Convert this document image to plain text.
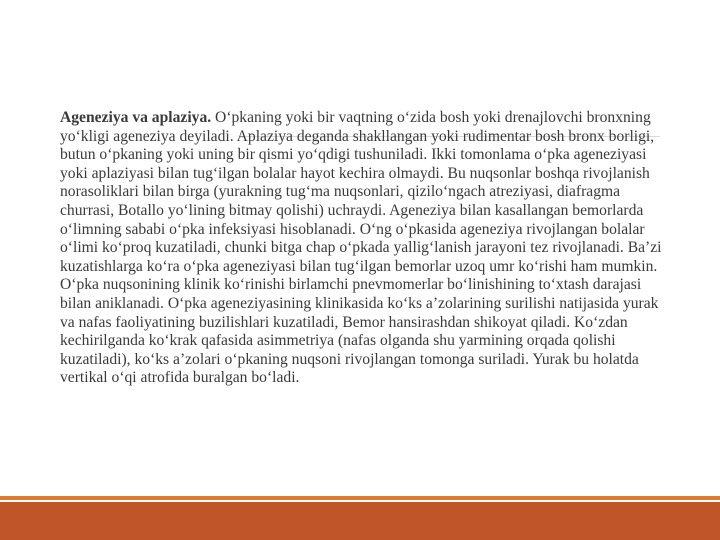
Ageneziya va aplaziya. O‘pkaning yoki bir vaqtning o‘zida bosh yoki drenajlovchi bronxning yo‘kligi ageneziya deyiladi. Aplaziya deganda shakllangan yoki rudimentar bosh bronx borligi, butun o‘pkaning yoki uning bir qismi yo‘qdigi tushuniladi. Ikki tomonlama o‘pka ageneziyasi yoki aplaziyasi bilan tug‘ilgan bolalar hayot kechira olmaydi. Bu nuqsonlar boshqa rivojlanish norasoliklari bilan birga (yurakning tug‘ma nuqsonlari, qizilo‘ngach atreziyasi, diafragma churrasi, Botallo yo‘lining bitmay qolishi) uchraydi. Ageneziya bilan kasallangan bemorlarda o‘limning sababi o‘pka infeksiyasi hisoblanadi. O‘ng o‘pkasida ageneziya rivojlangan bolalar o‘limi ko‘proq kuzatiladi, chunki bitga chap o‘pkada yallig‘lanish jarayoni tez rivojlanadi. Ba’zi kuzatishlarga ko‘ra o‘pka ageneziyasi bilan tug‘ilgan bemorlar uzoq umr ko‘rishi ham mumkin. O‘pka nuqsonining klinik ko‘rinishi birlamchi pnevmomerlar bo‘linishining to‘xtash darajasi bilan aniklanadi. O‘pka ageneziyasining klinikasida ko‘ks a’zolarining surilishi natijasida yurak va nafas faoliyatining buzilishlari kuzatiladi, Bemor hansirashdan shikoyat qiladi. Ko‘zdan kechirilganda ko‘krak qafasida asimmetriya (nafas olganda shu yarmining orqada qolishi kuzatiladi), ko‘ks a’zolari o‘pkaning nuqsoni rivojlangan tomonga suriladi. Yurak bu holatda vertikal o‘qi atrofida buralgan bo‘ladi.
